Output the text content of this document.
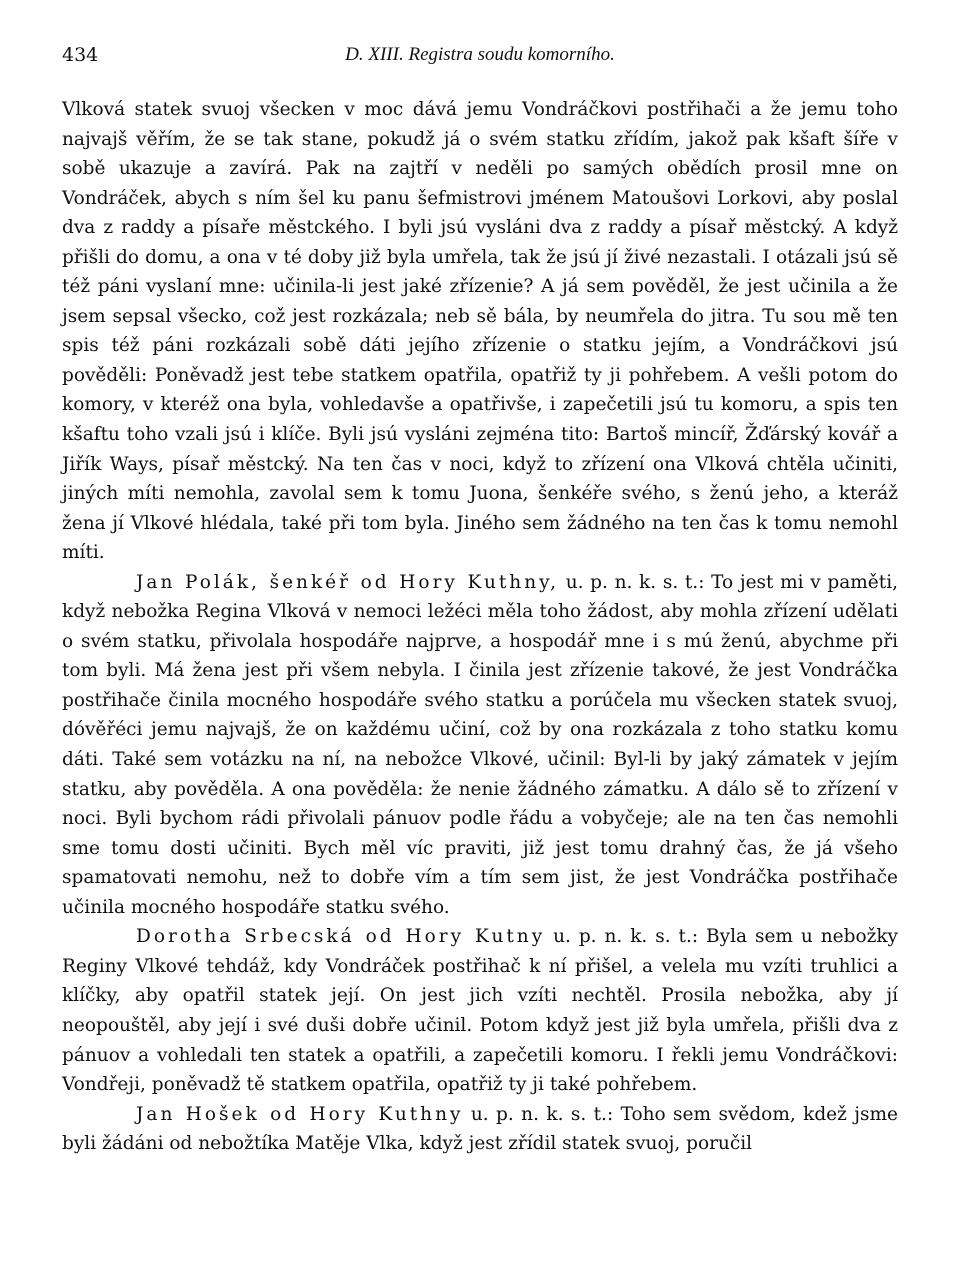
434	D. XIII. Registra soudu komorního.

Vlková statek svuoj všecken v moc dává jemu Vondráčkovi postřihači a že jemu toho najvajš věřím, že se tak stane, pokudž já o svém statku zřídím, jakož pak kšaft šíře v sobě ukazuje a zavírá. Pak na zajtří v neděli po samých obědích prosil mne on Vondráček, abych s ním šel ku panu šefmistrovi jménem Matoušovi Lorkovi, aby poslal dva z raddy a písaře městckého. I byli jsú vysláni dva z raddy a písař městcký. A když přišli do domu, a ona v té doby již byla umřela, tak že jsú jí živé nezastali. I otázali jsú sě též páni vyslaní mne: učinila-li jest jaké zřízenie? A já sem pověděl, že jest učinila a že jsem sepsal všecko, což jest rozkázala; neb sě bála, by neumřela do jitra. Tu sou mě ten spis též páni rozkázali sobě dáti jejího zřízenie o statku jejím, a Vondráčkovi jsú pověděli: Poněvadž jest tebe statkem opatřila, opatřiž ty ji pohřebem. A vešli potom do komory, v kteréž ona byla, vohledavše a opatřivše, i zapečetili jsú tu komoru, a spis ten kšaftu toho vzali jsú i klíče. Byli jsú vysláni zejména tito: Bartoš mincíř, Žďárský kovář a Jiřík Ways, písař městcký. Na ten čas v noci, když to zřízení ona Vlková chtěla učiniti, jiných míti nemohla, zavolal sem k tomu Juona, šenkéře svého, s ženú jeho, a kteráž žena jí Vlkové hlédala, také při tom byla. Jiného sem žádného na ten čas k tomu nemohl míti.

Jan Polák, šenkéř od Hory Kuthny, u. p. n. k. s. t.: To jest mi v paměti, když nebožka Regina Vlková v nemoci ležéci měla toho žádost, aby mohla zřízení udělati o svém statku, přivolala hospodáře najprve, a hospodář mne i s mú ženú, abychme při tom byli. Má žena jest při všem nebyla. I činila jest zřízenie takové, že jest Vondráčka postřihače činila mocného hospodáře svého statku a porúčela mu všecken statek svuoj, dóvěřéci jemu najvajš, že on každému učiní, což by ona rozkázala z toho statku komu dáti. Také sem votázku na ní, na nebožce Vlkové, učinil: Byl-li by jaký zámatek v jejím statku, aby pověděla. A ona pověděla: že nenie žádného zámatku. A dálo sě to zřízení v noci. Byli bychom rádi přivolali pánuov podle řádu a vobyčeje; ale na ten čas nemohli sme tomu dosti učiniti. Bych měl víc praviti, již jest tomu drahný čas, že já všeho spamatovati nemohu, než to dobře vím a tím sem jist, že jest Vondráčka postřihače učinila mocného hospodáře statku svého.

Dorotha Srbecská od Hory Kutny u. p. n. k. s. t.: Byla sem u nebožky Reginy Vlkové tehdáž, kdy Vondráček postřihač k ní přišel, a velela mu vzíti truhlici a klíčky, aby opatřil statek její. On jest jich vzíti nechtěl. Prosila nebožka, aby jí neopouštěl, aby její i své duši dobře učinil. Potom když jest již byla umřela, přišli dva z pánuov a vohledali ten statek a opatřili, a zapečetili komoru. I řekli jemu Vondráčkovi: Vondřeji, poněvadž tě statkem opatřila, opatřiž ty ji také pohřebem.

Jan Hošek od Hory Kuthny u. p. n. k. s. t.: Toho sem svědom, kdež jsme byli žádáni od nebožtíka Matěje Vlka, když jest zřídil statek svuoj, poručil
